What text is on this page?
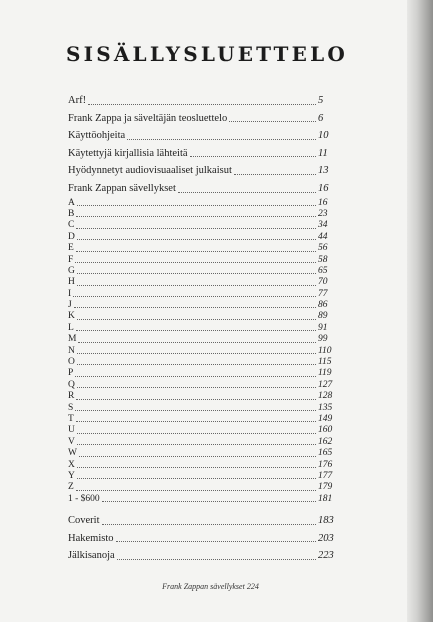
SISÄLLYSLUETTELO
Arf!	5
Frank Zappa ja säveltäjän teosluettelo	6
Käyttöohjeita	10
Käytettyjä kirjallisia lähteitä	11
Hyödynnetyt audiovisuaaliset julkaisut	13
Frank Zappan sävellykset	16
A	16
B	23
C	34
D	44
E	56
F	58
G	65
H	70
I	77
J	86
K	89
L	91
M	99
N	110
O	115
P	119
Q	127
R	128
S	135
T	149
U	160
V	162
W	165
X	176
Y	177
Z	179
1 - $600	181
Coverit	183
Hakemisto	203
Jälkisanoja	223
Frank Zappan sävellykset 224
